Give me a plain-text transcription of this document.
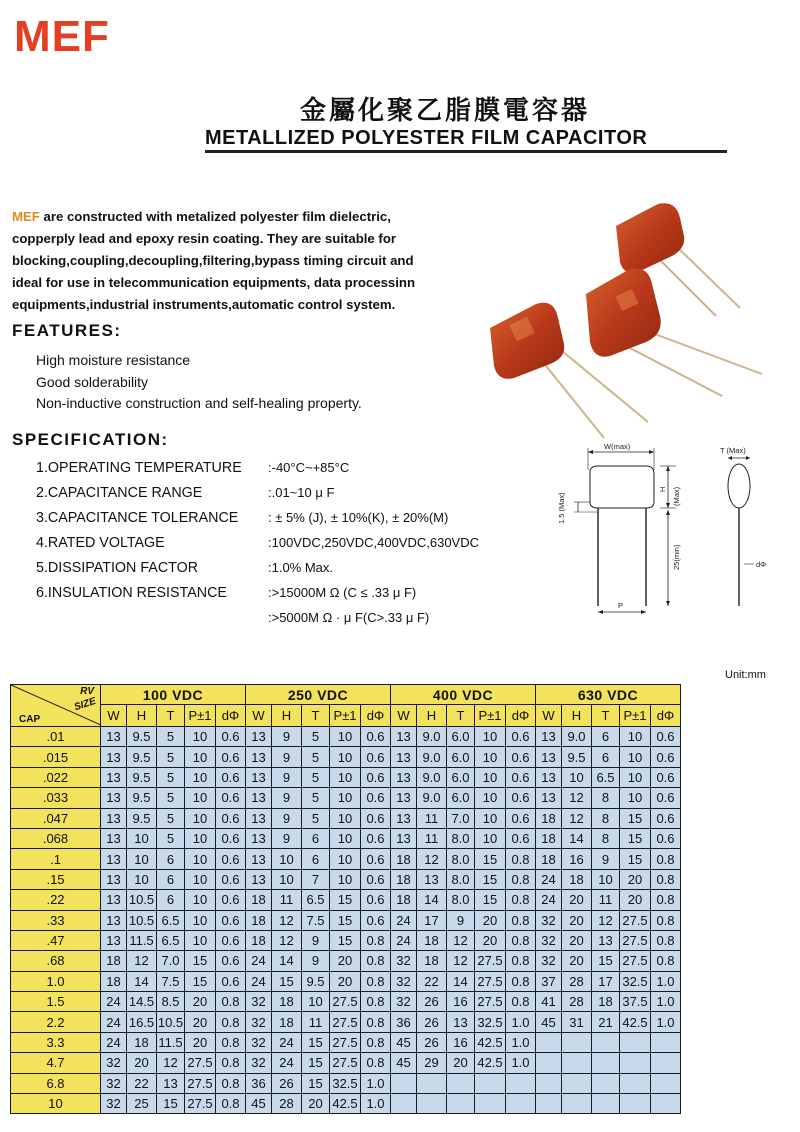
MEF
金屬化聚乙脂膜電容器
METALLIZED POLYESTER FILM CAPACITOR
MEF are constructed with metalized polyester film dielectric,
copperply lead and epoxy resin coating. They are suitable for
blocking,coupling,decoupling,filtering,bypass timing circuit and
ideal for use in telecommunication equipments, data processinn
equipments,industrial instruments,automatic control system.
FEATURES:
High moisture resistance
Good solderability
Non-inductive construction and self-healing property.
SPECIFICATION:
1.OPERATING TEMPERATURE :-40°C~+85°C
2.CAPACITANCE RANGE	:.01~10 μ F
3.CAPACITANCE TOLERANCE : ± 5% (J), ± 10%(K), ± 20%(M)
4.RATED VOLTAGE	:100VDC,250VDC,400VDC,630VDC
5.DISSIPATION FACTOR	:1.0% Max.
6.INSULATION RESISTANCE	:>15000M Ω (C ≤ .33 μ F)
:>5000M Ω · μ F(C>.33 μ F)
W(max)
H (Max)
25(min)
1.5 (Max)
P
T (Max)
dΦ
Unit:mm
RV
SIZE
CAP	100 VDC					250 VDC					400 VDC					630 VDC				
	W	H	T	P±1	dΦ	W	H	T	P±1	dΦ	W	H	T	P±1	dΦ	W	H	T	P±1	dΦ
.01	13	9.5	5	10	0.6	13	9	5	10	0.6	13	9.0	6.0	10	0.6	13	9.0	6	10	0.6
.015	13	9.5	5	10	0.6	13	9	5	10	0.6	13	9.0	6.0	10	0.6	13	9.5	6	10	0.6
.022	13	9.5	5	10	0.6	13	9	5	10	0.6	13	9.0	6.0	10	0.6	13	10	6.5	10	0.6
.033	13	9.5	5	10	0.6	13	9	5	10	0.6	13	9.0	6.0	10	0.6	13	12	8	10	0.6
.047	13	9.5	5	10	0.6	13	9	5	10	0.6	13	11	7.0	10	0.6	18	12	8	15	0.6
.068	13	10	5	10	0.6	13	9	6	10	0.6	13	11	8.0	10	0.6	18	14	8	15	0.6
.1	13	10	6	10	0.6	13	10	6	10	0.6	18	12	8.0	15	0.8	18	16	9	15	0.8
.15	13	10	6	10	0.6	13	10	7	10	0.6	18	13	8.0	15	0.8	24	18	10	20	0.8
.22	13	10.5	6	10	0.6	18	11	6.5	15	0.6	18	14	8.0	15	0.8	24	20	11	20	0.8
.33	13	10.5	6.5	10	0.6	18	12	7.5	15	0.6	24	17	9	20	0.8	32	20	12	27.5	0.8
.47	13	11.5	6.5	10	0.6	18	12	9	15	0.8	24	18	12	20	0.8	32	20	13	27.5	0.8
.68	18	12	7.0	15	0.6	24	14	9	20	0.8	32	18	12	27.5	0.8	32	20	15	27.5	0.8
1.0	18	14	7.5	15	0.6	24	15	9.5	20	0.8	32	22	14	27.5	0.8	37	28	17	32.5	1.0
1.5	24	14.5	8.5	20	0.8	32	18	10	27.5	0.8	32	26	16	27.5	0.8	41	28	18	37.5	1.0
2.2	24	16.5	10.5	20	0.8	32	18	11	27.5	0.8	36	26	13	32.5	1.0	45	31	21	42.5	1.0
3.3	24	18	11.5	20	0.8	32	24	15	27.5	0.8	45	26	16	42.5	1.0					
4.7	32	20	12	27.5	0.8	32	24	15	27.5	0.8	45	29	20	42.5	1.0					
6.8	32	22	13	27.5	0.8	36	26	15	32.5	1.0										
10	32	25	15	27.5	0.8	45	28	20	42.5	1.0										
